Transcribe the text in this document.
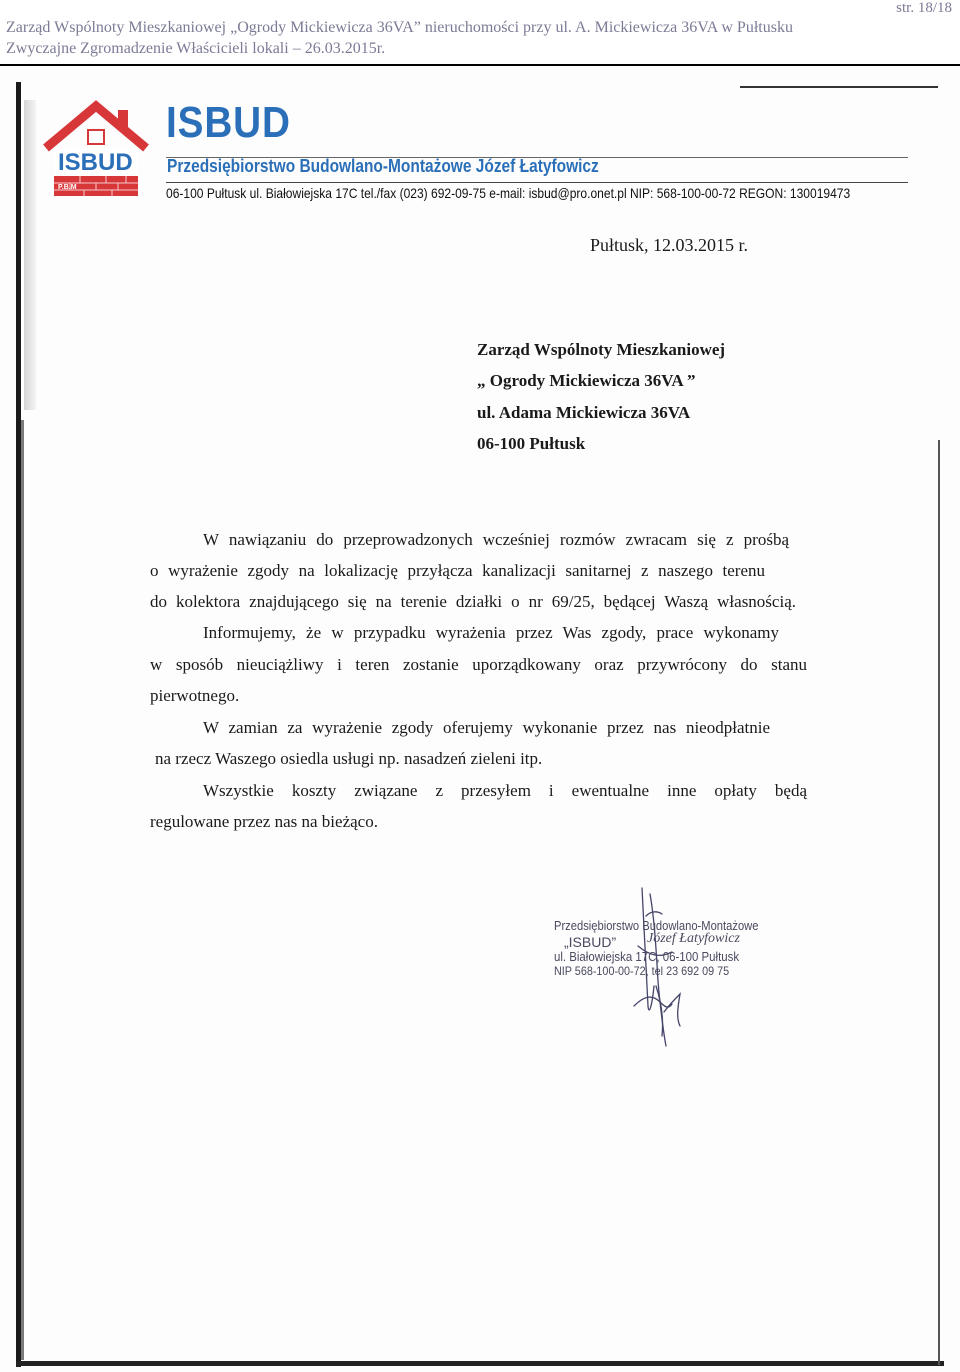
Zarząd Wspólnoty Mieszkaniowej „Ogrody Mickiewicza 36VA” nieruchomości przy ul. A. Mickiewicza 36VA w Pułtusku
Zwyczajne Zgromadzenie Właścicieli lokali – 26.03.2015r.
str. 18/18
ISBUD
P.B.M
ISBUD
Przedsiębiorstwo Budowlano-Montażowe Józef Łatyfowicz
06-100 Pułtusk ul. Białowiejska 17C tel./fax (023) 692-09-75 e-mail: isbud@pro.onet.pl NIP: 568-100-00-72 REGON: 130019473
Pułtusk, 12.03.2015 r.
Zarząd Wspólnoty Mieszkaniowej
„ Ogrody Mickiewicza 36VA ”
ul. Adama Mickiewicza 36VA
06-100 Pułtusk
W nawiązaniu do przeprowadzonych wcześniej rozmów zwracam się z prośbą
o wyrażenie zgody na lokalizację przyłącza kanalizacji sanitarnej z naszego terenu
do kolektora znajdującego się na terenie działki o nr 69/25, będącej Waszą własnością.
Informujemy, że w przypadku wyrażenia przez Was zgody, prace wykonamy
w sposób nieuciążliwy i teren zostanie uporządkowany oraz przywrócony do stanu
pierwotnego.
W zamian za wyrażenie zgody oferujemy wykonanie przez nas nieodpłatnie
na rzecz Waszego osiedla usługi np. nasadzeń zieleni itp.
Wszystkie koszty związane z przesyłem i ewentualne inne opłaty będą
regulowane przez nas na bieżąco.
Przedsiębiorstwo Budowlano-Montażowe
„ISBUD” Józef Łatyfowicz
ul. Białowiejska 17C, 06-100 Pułtusk
NIP 568-100-00-72, tel 23 692 09 75
